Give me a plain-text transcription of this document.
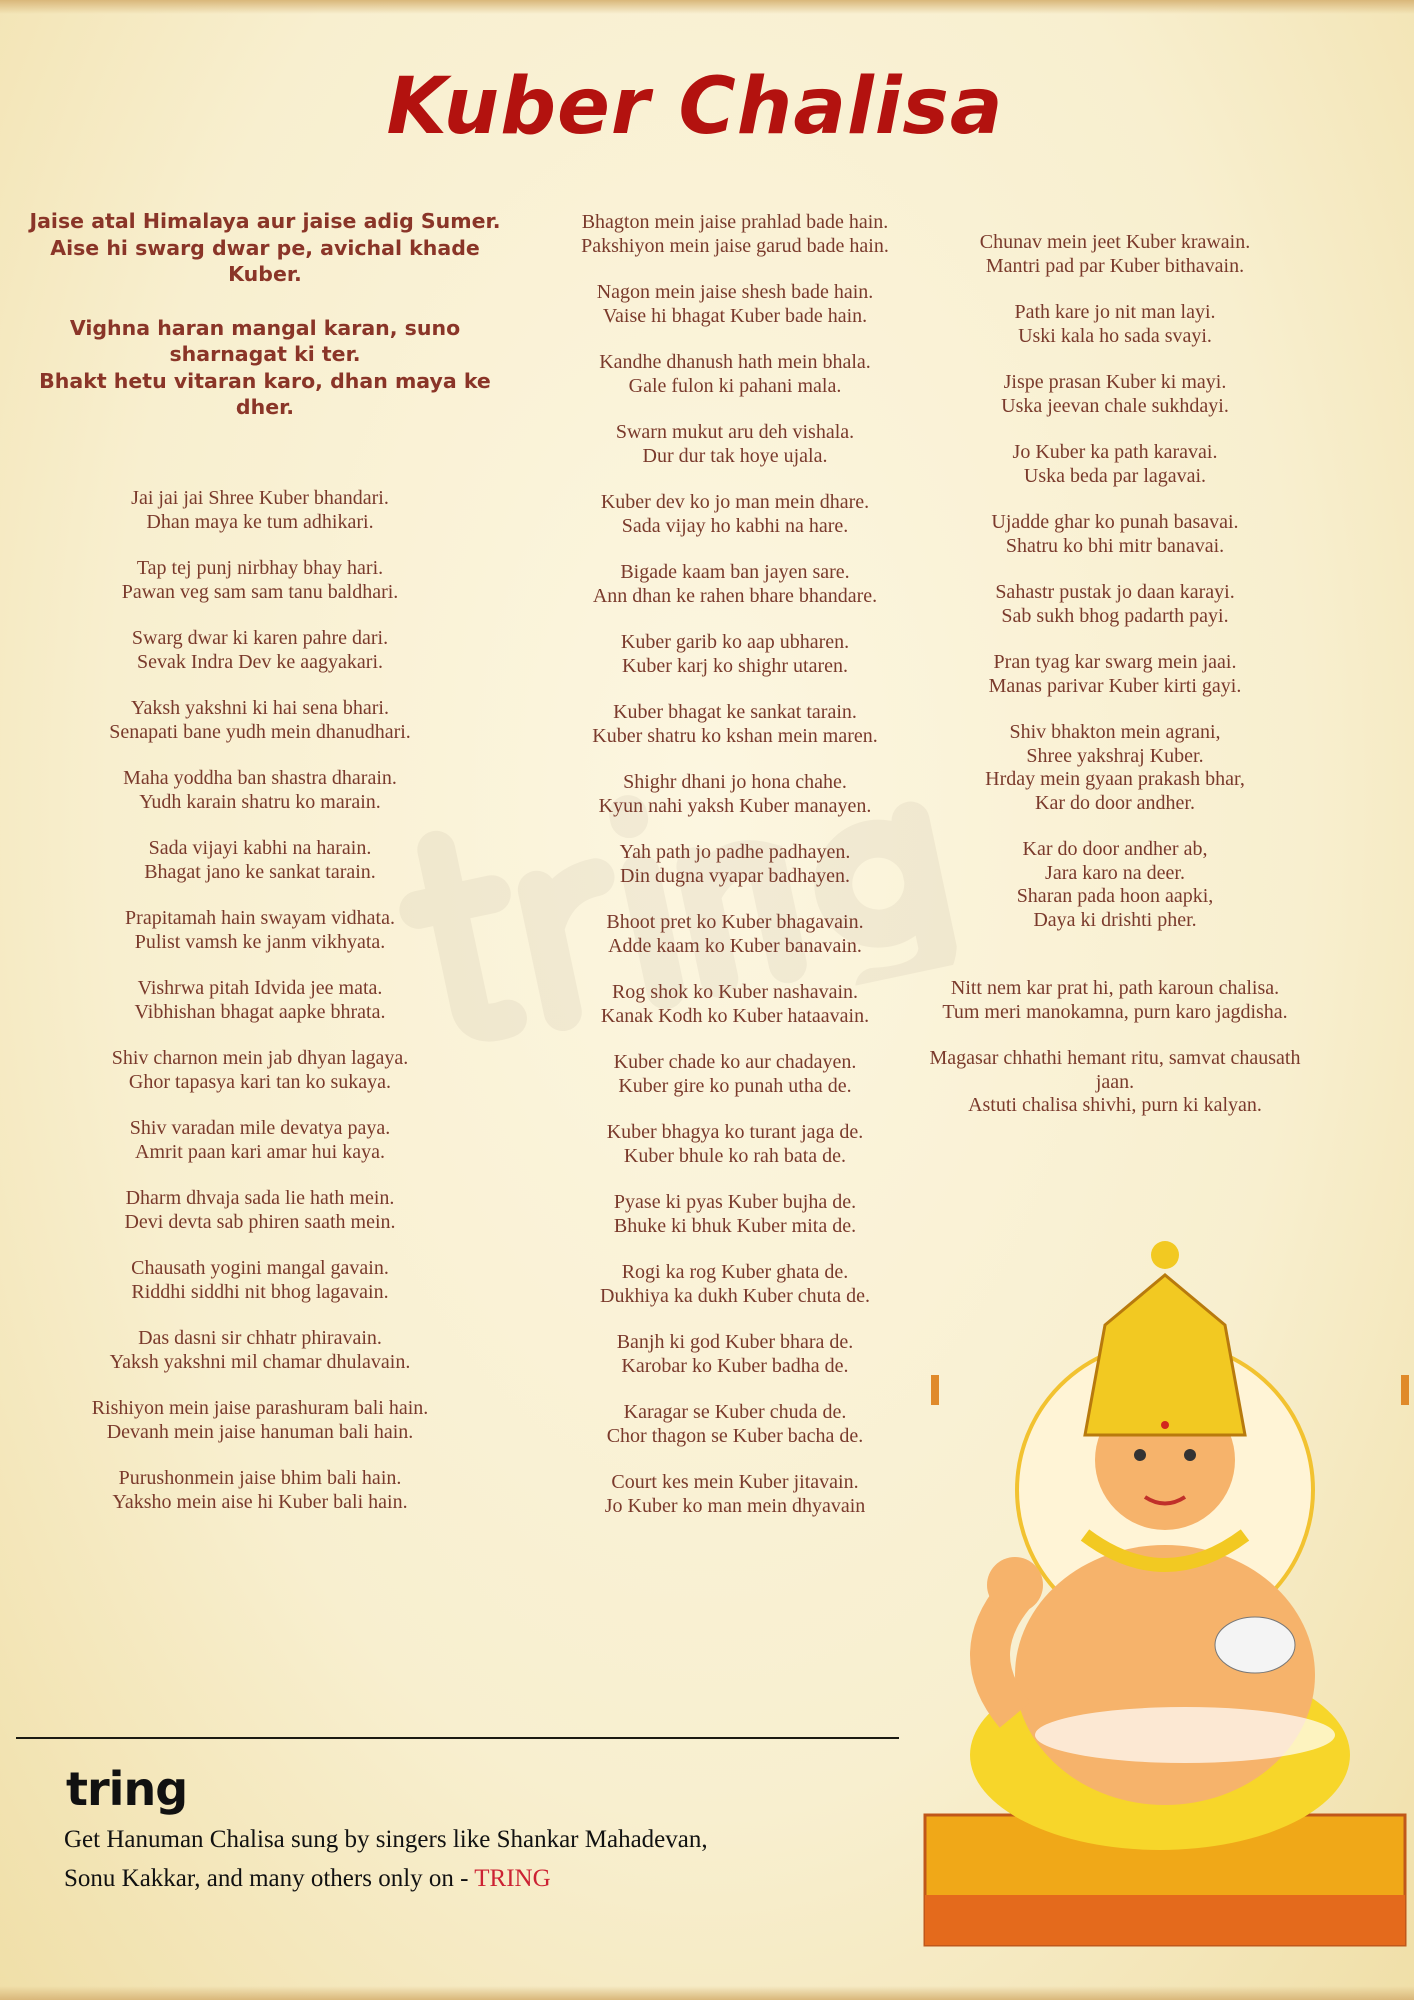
Kuber Chalisa

Jaise atal Himalaya aur jaise adig Sumer.
Aise hi swarg dwar pe, avichal khade Kuber.

Vighna haran mangal karan, suno sharnagat ki ter.
Bhakt hetu vitaran karo, dhan maya ke dher.

Jai jai jai Shree Kuber bhandari.
Dhan maya ke tum adhikari.
Tap tej punj nirbhay bhay hari.
Pawan veg sam sam tanu baldhari.
Swarg dwar ki karen pahre dari.
Sevak Indra Dev ke aagyakari.
Yaksh yakshni ki hai sena bhari.
Senapati bane yudh mein dhanudhari.
Maha yoddha ban shastra dharain.
Yudh karain shatru ko marain.
Sada vijayi kabhi na harain.
Bhagat jano ke sankat tarain.
Prapitamah hain swayam vidhata.
Pulist vamsh ke janm vikhyata.
Vishrwa pitah Idvida jee mata.
Vibhishan bhagat aapke bhrata.
Shiv charnon mein jab dhyan lagaya.
Ghor tapasya kari tan ko sukaya.
Shiv varadan mile devatya paya.
Amrit paan kari amar hui kaya.
Dharm dhvaja sada lie hath mein.
Devi devta sab phiren saath mein.
Chausath yogini mangal gavain.
Riddhi siddhi nit bhog lagavain.
Das dasni sir chhatr phiravain.
Yaksh yakshni mil chamar dhulavain.
Rishiyon mein jaise parashuram bali hain.
Devanh mein jaise hanuman bali hain.
Purushonmein jaise bhim bali hain.
Yaksho mein aise hi Kuber bali hain.
Bhagton mein jaise prahlad bade hain.
Pakshiyon mein jaise garud bade hain.
Nagon mein jaise shesh bade hain.
Vaise hi bhagat Kuber bade hain.
Kandhe dhanush hath mein bhala.
Gale fulon ki pahani mala.
Swarn mukut aru deh vishala.
Dur dur tak hoye ujala.
Kuber dev ko jo man mein dhare.
Sada vijay ho kabhi na hare.
Bigade kaam ban jayen sare.
Ann dhan ke rahen bhare bhandare.
Kuber garib ko aap ubharen.
Kuber karj ko shighr utaren.
Kuber bhagat ke sankat tarain.
Kuber shatru ko kshan mein maren.
Shighr dhani jo hona chahe.
Kyun nahi yaksh Kuber manayen.
Yah path jo padhe padhayen.
Din dugna vyapar badhayen.
Bhoot pret ko Kuber bhagavain.
Adde kaam ko Kuber banavain.
Rog shok ko Kuber nashavain.
Kanak Kodh ko Kuber hataavain.
Kuber chade ko aur chadayen.
Kuber gire ko punah utha de.
Kuber bhagya ko turant jaga de.
Kuber bhule ko rah bata de.
Pyase ki pyas Kuber bujha de.
Bhuke ki bhuk Kuber mita de.
Rogi ka rog Kuber ghata de.
Dukhiya ka dukh Kuber chuta de.
Banjh ki god Kuber bhara de.
Karobar ko Kuber badha de.
Karagar se Kuber chuda de.
Chor thagon se Kuber bacha de.
Court kes mein Kuber jitavain.
Jo Kuber ko man mein dhyavain
Chunav mein jeet Kuber krawain.
Mantri pad par Kuber bithavain.
Path kare jo nit man layi.
Uski kala ho sada svayi.
Jispe prasan Kuber ki mayi.
Uska jeevan chale sukhdayi.
Jo Kuber ka path karavai.
Uska beda par lagavai.
Ujadde ghar ko punah basavai.
Shatru ko bhi mitr banavai.
Sahastr pustak jo daan karayi.
Sab sukh bhog padarth payi.
Pran tyag kar swarg mein jaai.
Manas parivar Kuber kirti gayi.
Shiv bhakton mein agrani,
Shree yakshraj Kuber.
Hrday mein gyaan prakash bhar,
Kar do door andher.
Kar do door andher ab,
Jara karo na deer.
Sharan pada hoon aapki,
Daya ki drishti pher.
Nitt nem kar prat hi, path karoun chalisa.
Tum meri manokamna, purn karo jagdisha.
Magasar chhathi hemant ritu, samvat chausath jaan.
Astuti chalisa shivhi, purn ki kalyan.
tring
Get Hanuman Chalisa sung by singers like Shankar Mahadevan,
Sonu Kakkar, and many others only on - TRING
